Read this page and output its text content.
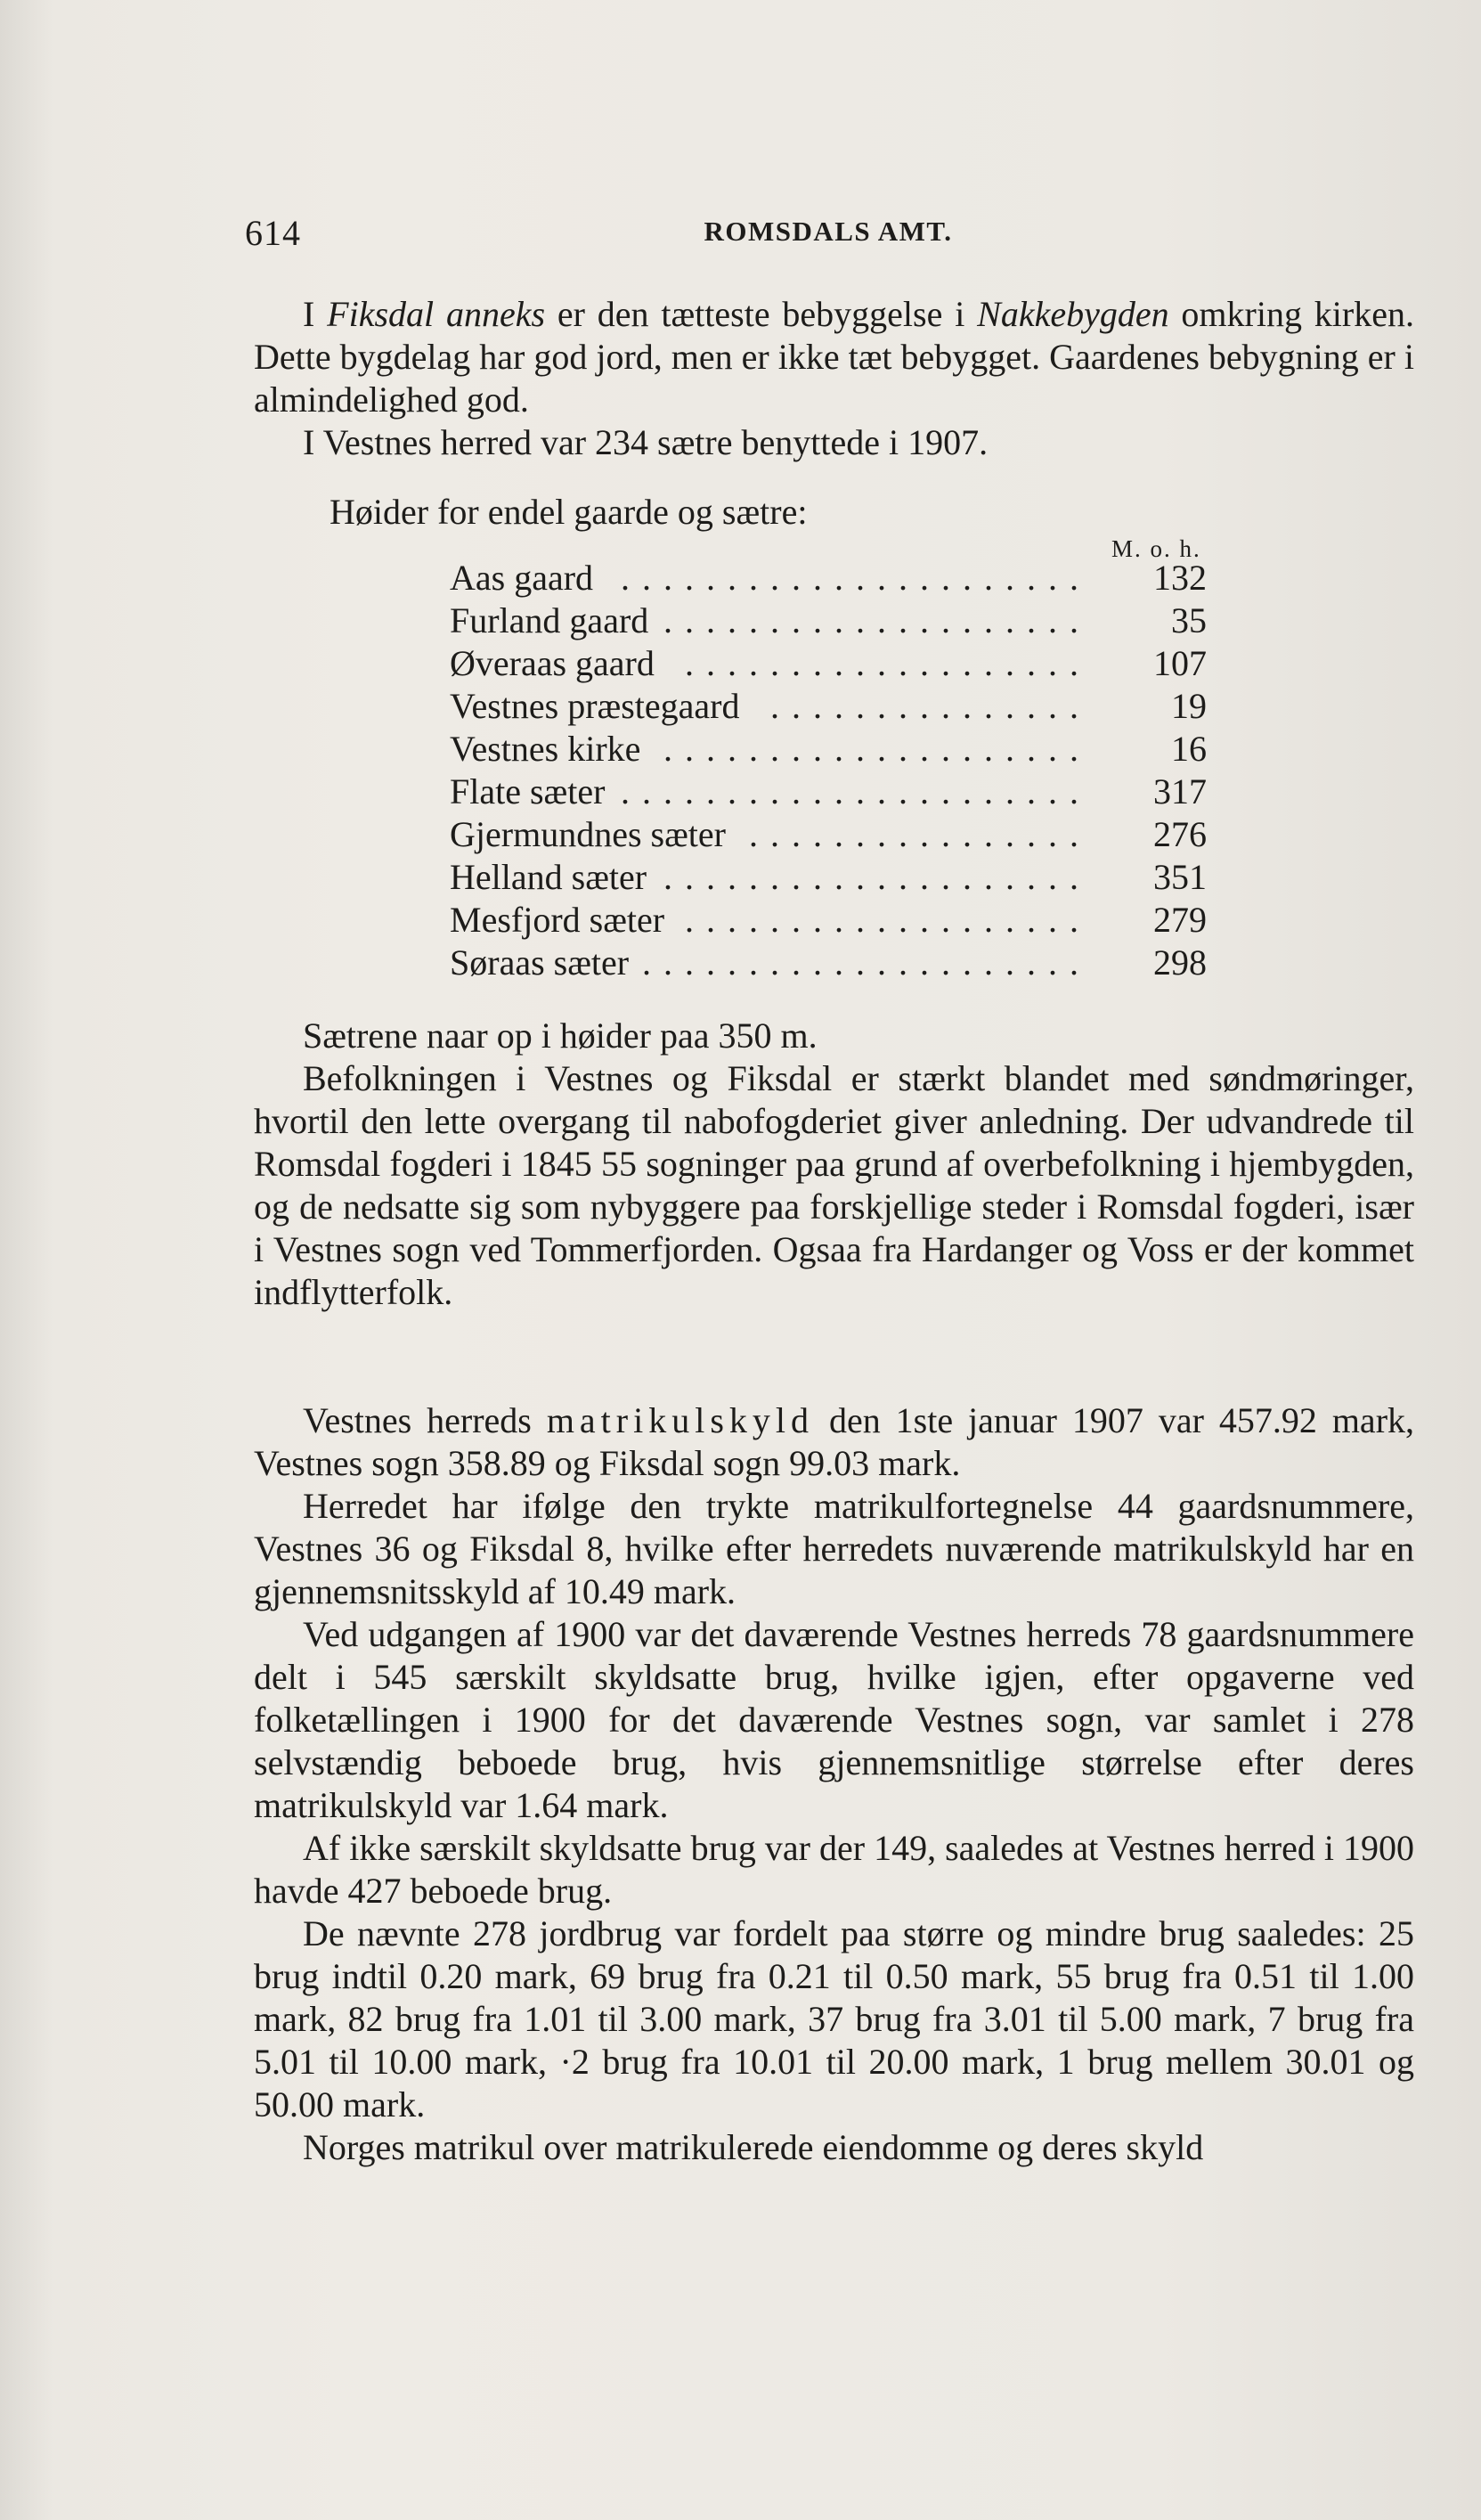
614	ROMSDALS AMT.

I Fiksdal anneks er den tætteste bebyggelse i Nakkebygden omkring kirken. Dette bygdelag har god jord, men er ikke tæt bebygget. Gaardenes bebygning er i almindelighed god.

I Vestnes herred var 234 sætre benyttede i 1907.

Høider for endel gaarde og sætre:
M. o. h.
Aas gaard ......................	132
Furland gaard ....................	35
Øveraas gaard ...................	107
Vestnes præstegaard ...............	19
Vestnes kirke ....................	16
Flate sæter ......................	317
Gjermundnes sæter ................	276
Helland sæter ....................	351
Mesfjord sæter ...................	279
Søraas sæter .....................	298

Sætrene naar op i høider paa 350 m.

Befolkningen i Vestnes og Fiksdal er stærkt blandet med søndmøringer, hvortil den lette overgang til nabofogderiet giver anledning. Der udvandrede til Romsdal fogderi i 1845 55 sogninger paa grund af overbefolkning i hjembygden, og de nedsatte sig som nybyggere paa forskjellige steder i Romsdal fogderi, især i Vestnes sogn ved Tommerfjorden. Ogsaa fra Hardanger og Voss er der kommet indflytterfolk.

Vestnes herreds matrikulskyld den 1ste januar 1907 var 457.92 mark, Vestnes sogn 358.89 og Fiksdal sogn 99.03 mark.

Herredet har ifølge den trykte matrikulfortegnelse 44 gaardsnummere, Vestnes 36 og Fiksdal 8, hvilke efter herredets nuværende matrikulskyld har en gjennemsnitsskyld af 10.49 mark.

Ved udgangen af 1900 var det daværende Vestnes herreds 78 gaardsnummere delt i 545 særskilt skyldsatte brug, hvilke igjen, efter opgaverne ved folketællingen i 1900 for det daværende Vestnes sogn, var samlet i 278 selvstændig beboede brug, hvis gjennemsnitlige størrelse efter deres matrikulskyld var 1.64 mark.

Af ikke særskilt skyldsatte brug var der 149, saaledes at Vestnes herred i 1900 havde 427 beboede brug.

De nævnte 278 jordbrug var fordelt paa større og mindre brug saaledes: 25 brug indtil 0.20 mark, 69 brug fra 0.21 til 0.50 mark, 55 brug fra 0.51 til 1.00 mark, 82 brug fra 1.01 til 3.00 mark, 37 brug fra 3.01 til 5.00 mark, 7 brug fra 5.01 til 10.00 mark, ·2 brug fra 10.01 til 20.00 mark, 1 brug mellem 30.01 og 50.00 mark.

Norges matrikul over matrikulerede eiendomme og deres skyld
